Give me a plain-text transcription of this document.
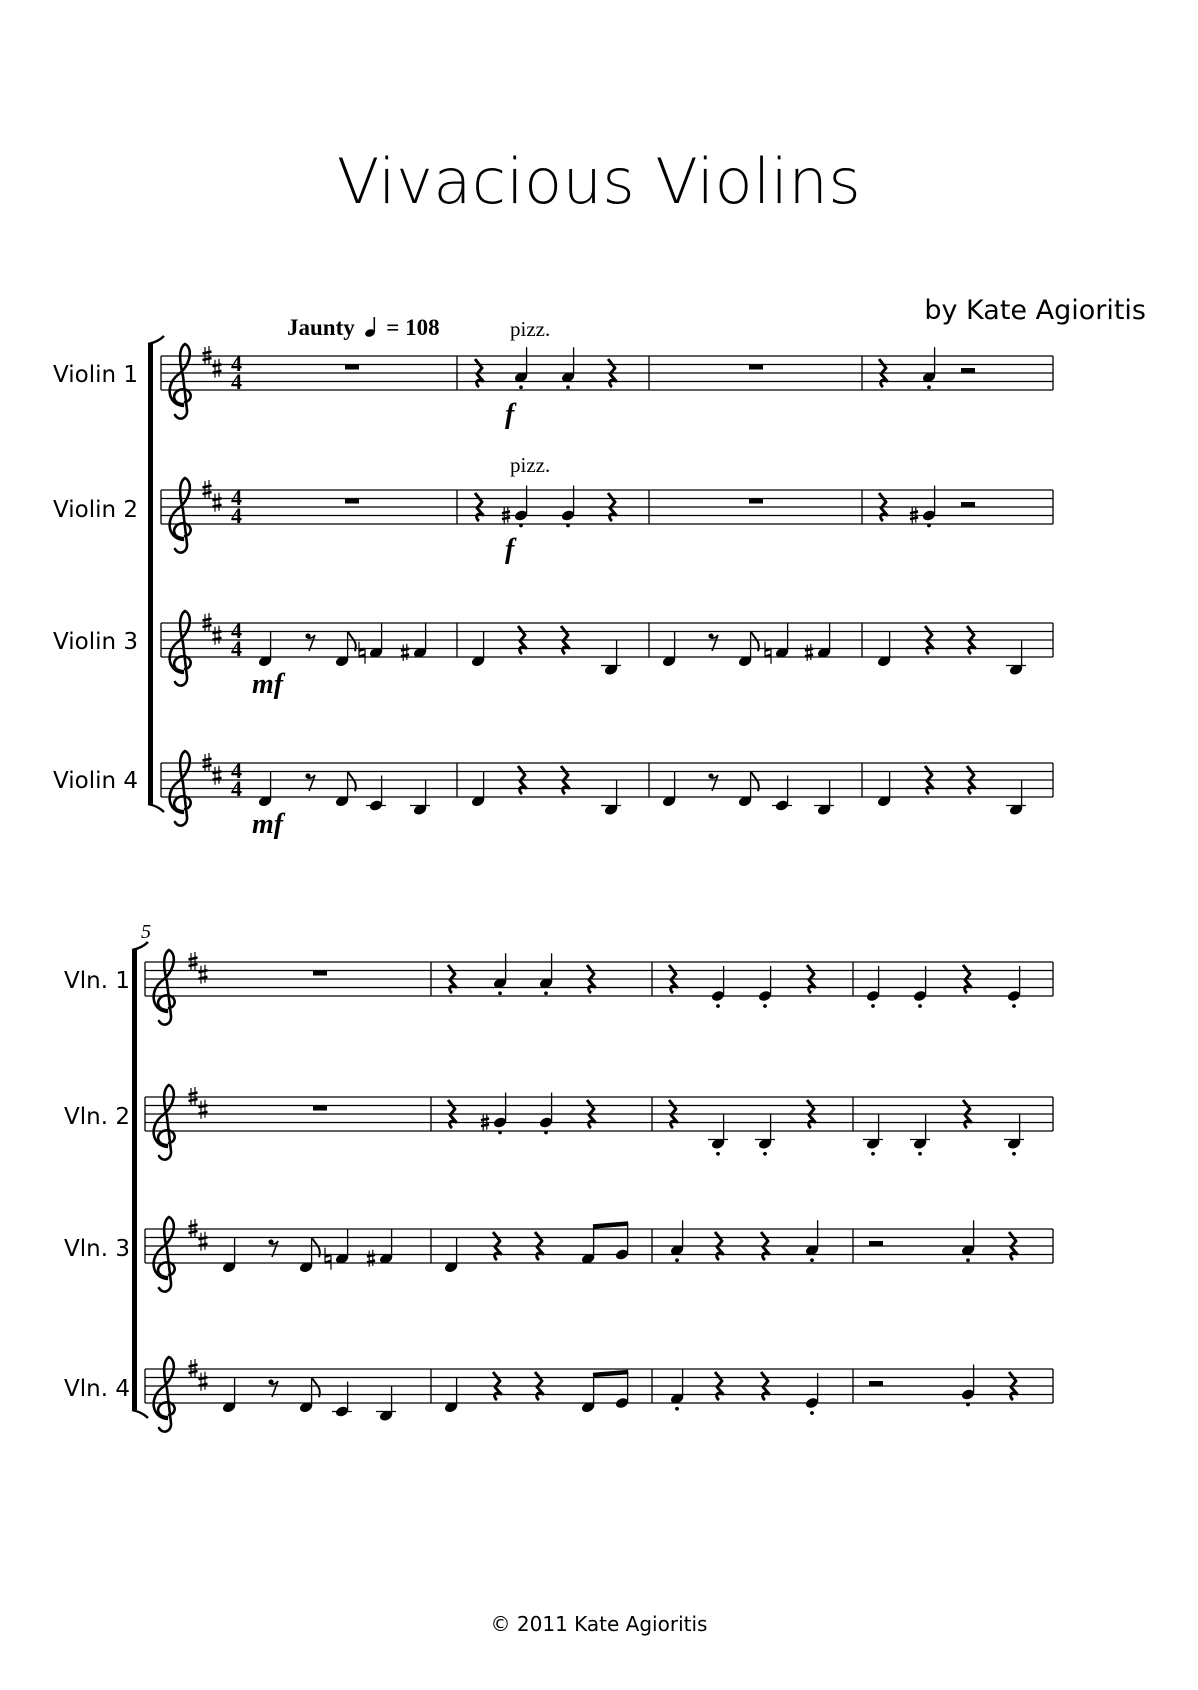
Vivacious Violins
by Kate Agioritis
Jaunty = 108
Violin 1
Violin 2
Violin 3
Violin 4
Vln. 1
Vln. 2
Vln. 3
Vln. 4
4
4
4
4
4
4
4
4
f
pizz.
f
pizz.
mf
mf
5
© 2011 Kate Agioritis
